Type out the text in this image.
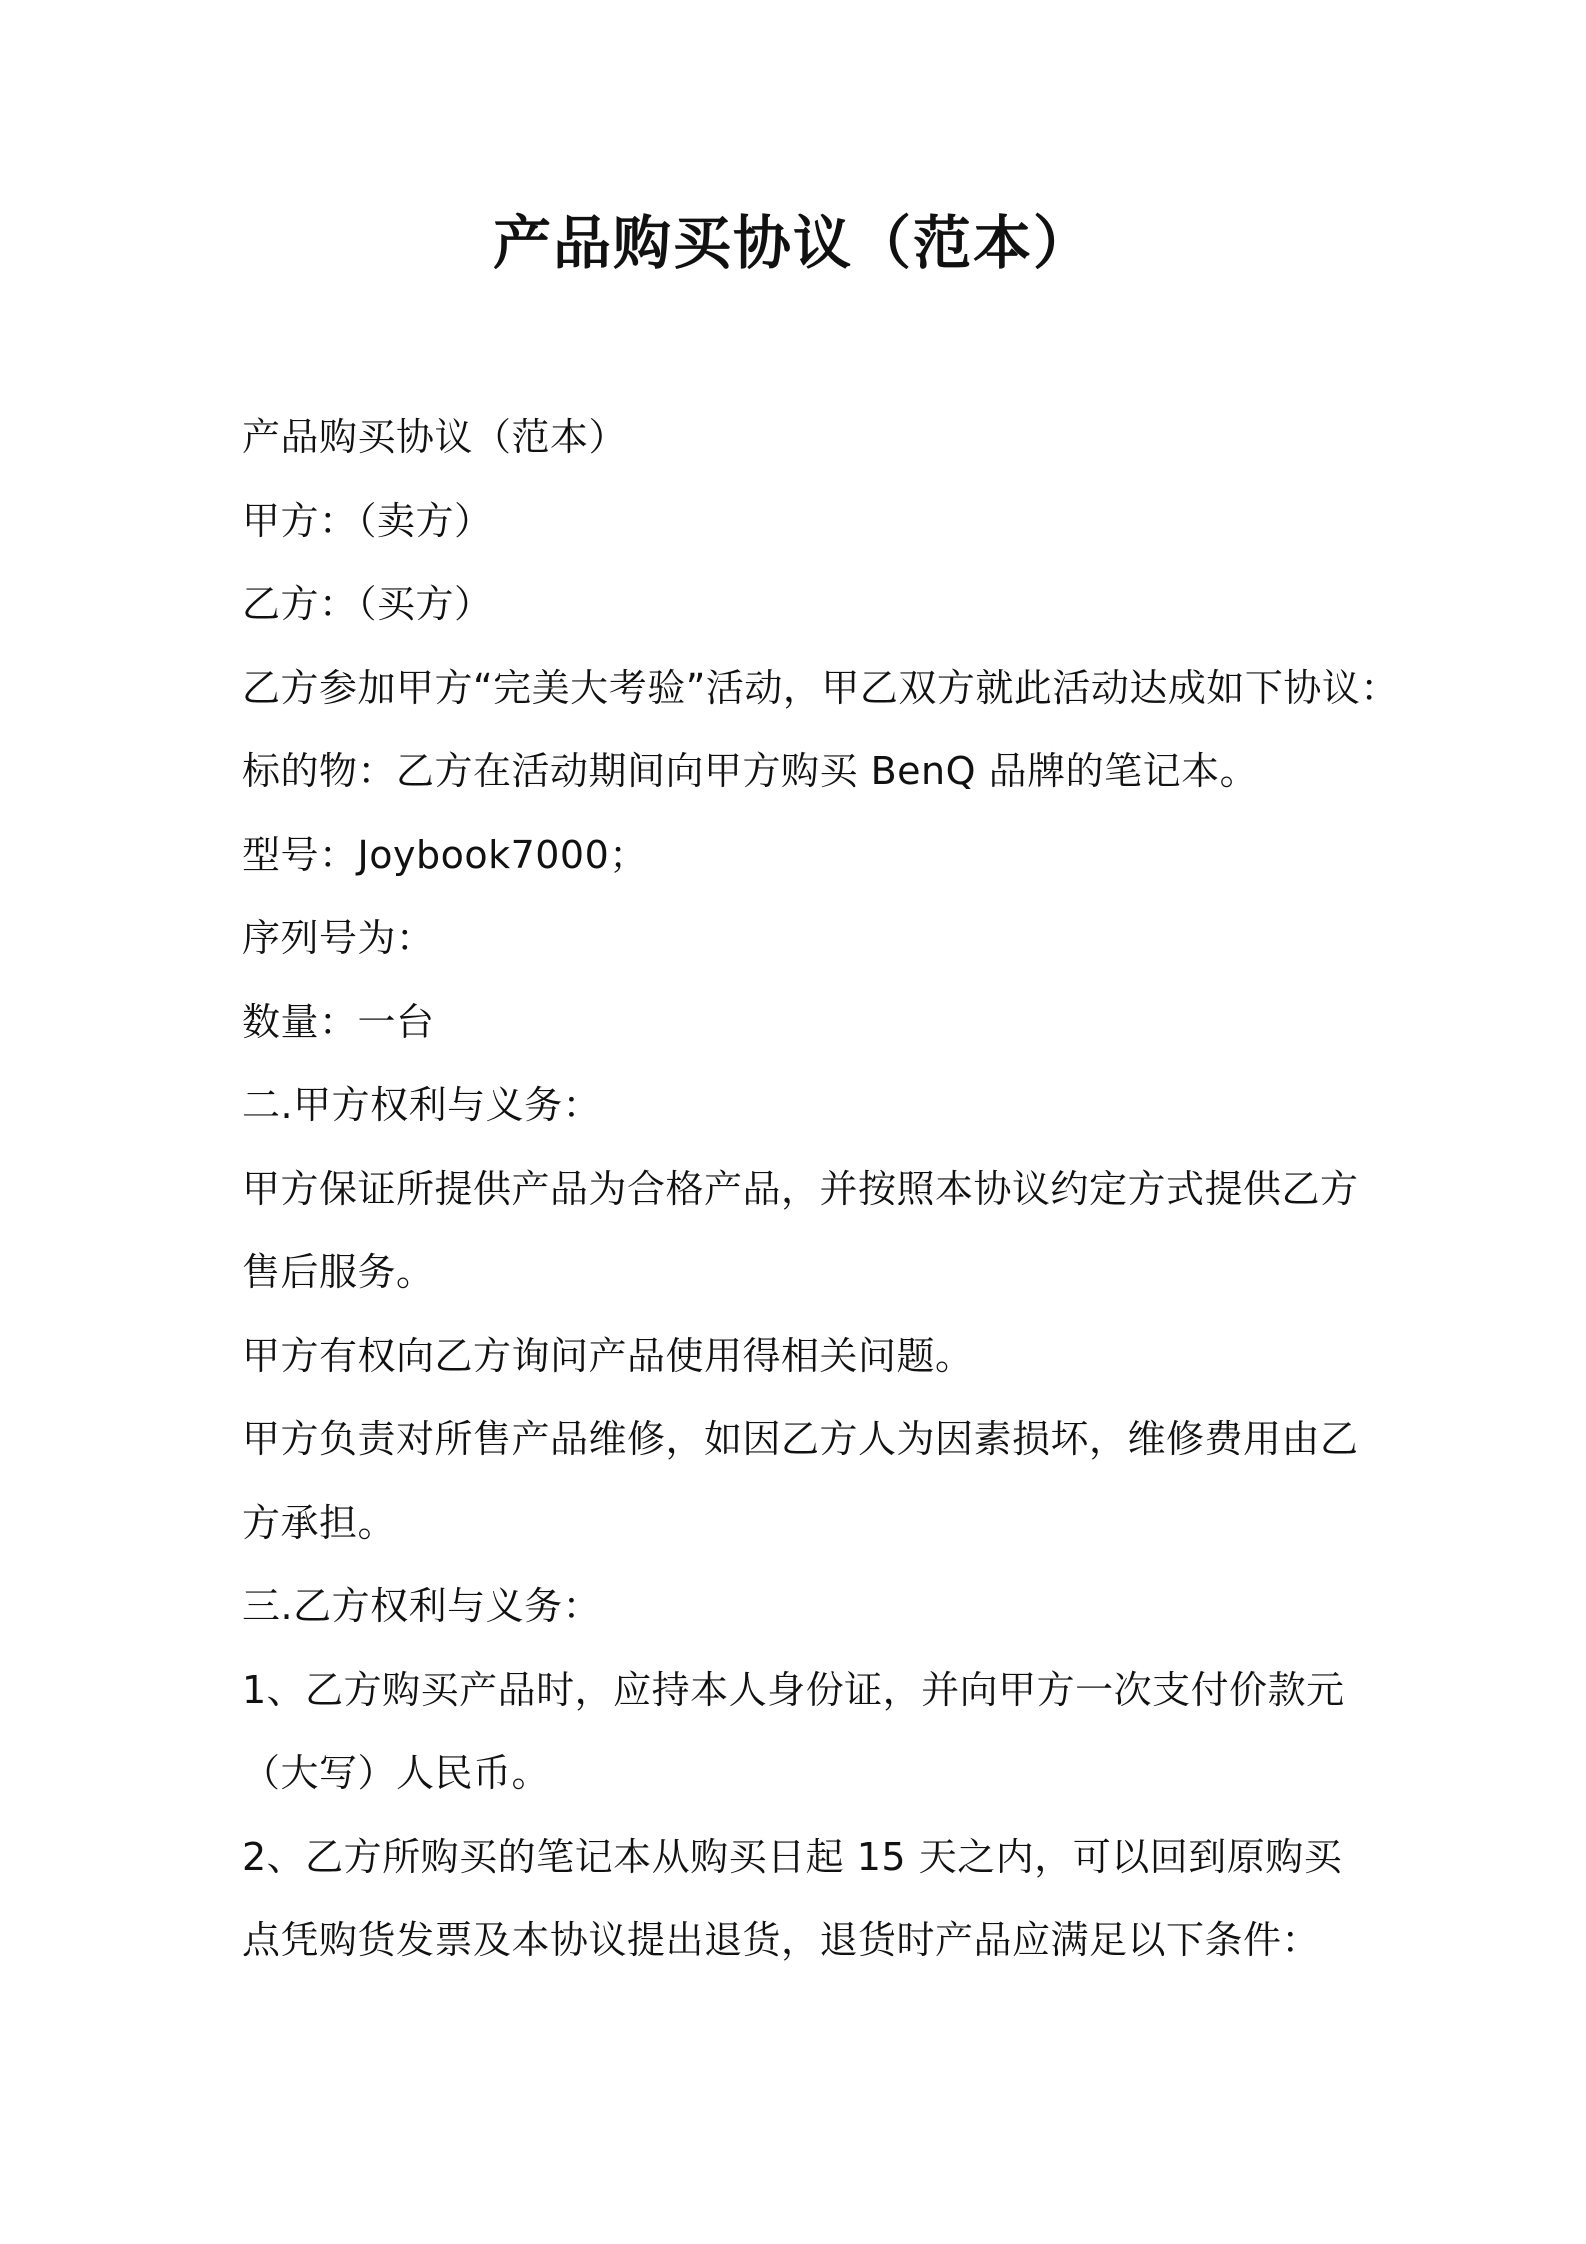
产品购买协议（范本）

产品购买协议（范本）

甲方：（卖方）

乙方：（买方）

乙方参加甲方“完美大考验”活动，甲乙双方就此活动达成如下协议：

标的物：乙方在活动期间向甲方购买 BenQ 品牌的笔记本。

型号：Joybook7000；

序列号为：

数量：一台

二.甲方权利与义务：

甲方保证所提供产品为合格产品，并按照本协议约定方式提供乙方售后服务。

甲方有权向乙方询问产品使用得相关问题。

甲方负责对所售产品维修，如因乙方人为因素损坏，维修费用由乙方承担。

三.乙方权利与义务：

1、乙方购买产品时，应持本人身份证，并向甲方一次支付价款元（大写）人民币。

2、乙方所购买的笔记本从购买日起 15 天之内，可以回到原购买点凭购货发票及本协议提出退货，退货时产品应满足以下条件：
